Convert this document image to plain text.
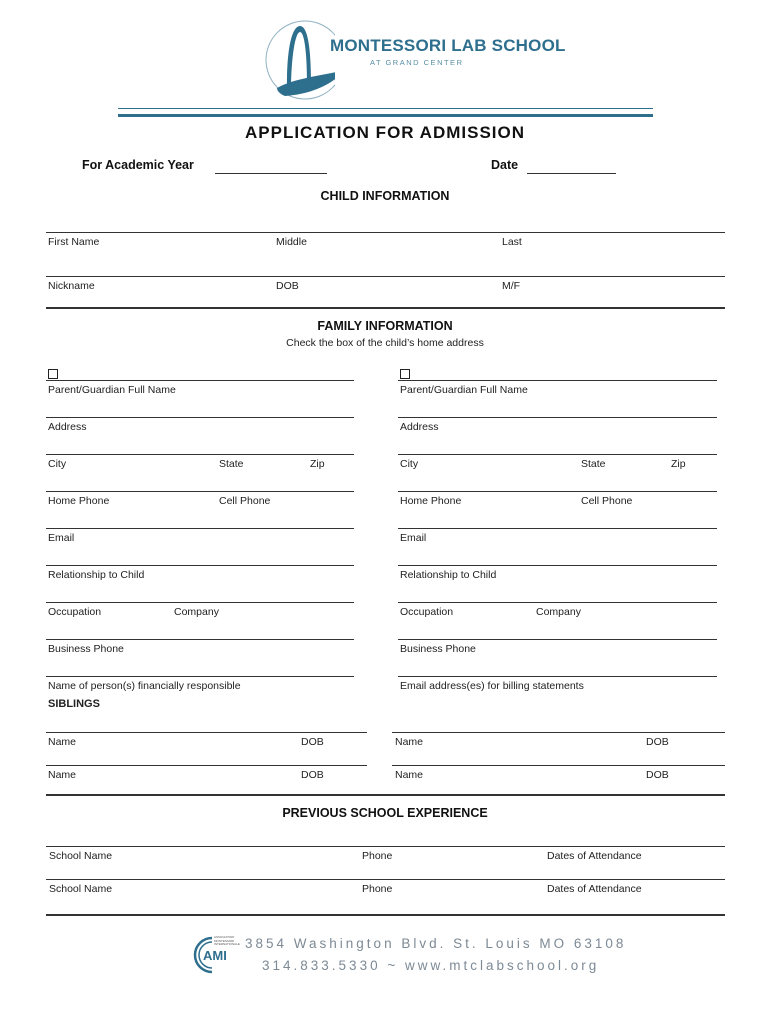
MONTESSORI LAB SCHOOL
AT GRAND CENTER
APPLICATION FOR ADMISSION
For Academic Year	Date
CHILD INFORMATION
First Name	Middle	Last
Nickname	DOB	M/F
FAMILY INFORMATION
Check the box of the child’s home address
Parent/Guardian Full Name
Address
City	State	Zip
Home Phone	Cell Phone
Email
Relationship to Child
Occupation	Company
Business Phone
Name of person(s) financially responsible
Parent/Guardian Full Name
Address
City	State	Zip
Home Phone	Cell Phone
Email
Relationship to Child
Occupation	Company
Business Phone
Email address(es) for billing statements
SIBLINGS
Name	DOB	Name	DOB
Name	DOB	Name	DOB
PREVIOUS SCHOOL EXPERIENCE
School Name	Phone	Dates of Attendance
School Name	Phone	Dates of Attendance
AMI
ASSOCIATION MONTESSORI INTERNATIONALE 3854 Washington Blvd. St. Louis MO 63108
314.833.5330 ~ www.mtclabschool.org
